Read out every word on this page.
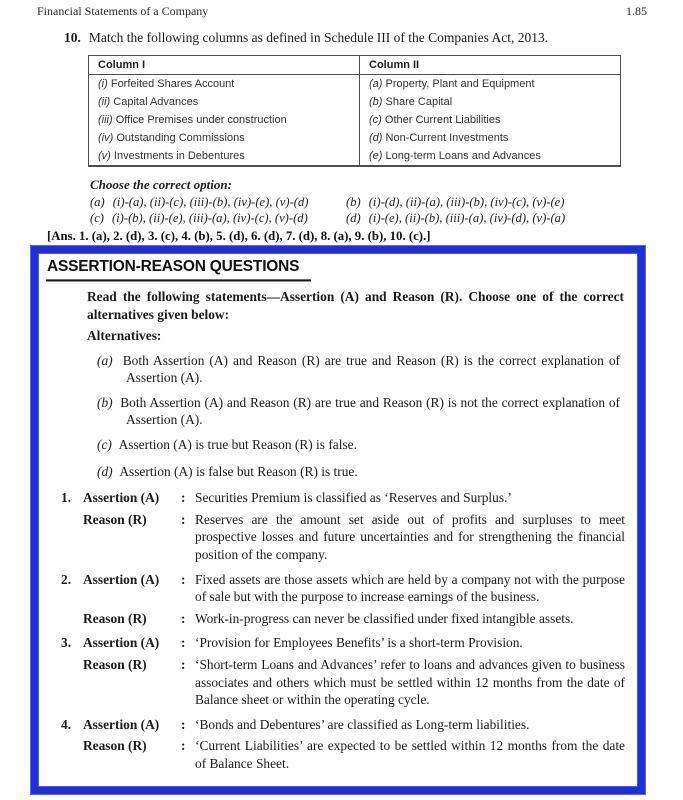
Financial Statements of a Company	1.85
10. Match the following columns as defined in Schedule III of the Companies Act, 2013.
Column I	Column II
(i) Forfeited Shares Account	(a) Property, Plant and Equipment
(ii) Capital Advances	(b) Share Capital
(iii) Office Premises under construction	(c) Other Current Liabilities
(iv) Outstanding Commissions	(d) Non-Current Investments
(v) Investments in Debentures	(e) Long-term Loans and Advances
Choose the correct option:
(a) (i)-(a), (ii)-(c), (iii)-(b), (iv)-(e), (v)-(d)	(b) (i)-(d), (ii)-(a), (iii)-(b), (iv)-(c), (v)-(e)
(c) (i)-(b), (ii)-(e), (iii)-(a), (iv)-(c), (v)-(d)	(d) (i)-(e), (ii)-(b), (iii)-(a), (iv)-(d), (v)-(a)
[Ans. 1. (a), 2. (d), 3. (c), 4. (b), 5. (d), 6. (d), 7. (d), 8. (a), 9. (b), 10. (c).]
ASSERTION-REASON QUESTIONS
Read the following statements—Assertion (A) and Reason (R). Choose one of the correct alternatives given below:
Alternatives:
(a) Both Assertion (A) and Reason (R) are true and Reason (R) is the correct explanation of Assertion (A).
(b) Both Assertion (A) and Reason (R) are true and Reason (R) is not the correct explanation of Assertion (A).
(c) Assertion (A) is true but Reason (R) is false.
(d) Assertion (A) is false but Reason (R) is true.
1. Assertion (A)	: Securities Premium is classified as ‘Reserves and Surplus.’
Reason (R)	: Reserves are the amount set aside out of profits and surpluses to meet prospective losses and future uncertainties and for strengthening the financial position of the company.
2. Assertion (A)	: Fixed assets are those assets which are held by a company not with the purpose of sale but with the purpose to increase earnings of the business.
Reason (R)	: Work-in-progress can never be classified under fixed intangible assets.
3. Assertion (A)	: ‘Provision for Employees Benefits’ is a short-term Provision.
Reason (R)	: ‘Short-term Loans and Advances’ refer to loans and advances given to business associates and others which must be settled within 12 months from the date of Balance sheet or within the operating cycle.
4. Assertion (A)	: ‘Bonds and Debentures’ are classified as Long-term liabilities.
Reason (R)	: ‘Current Liabilities’ are expected to be settled within 12 months from the date of Balance Sheet.
